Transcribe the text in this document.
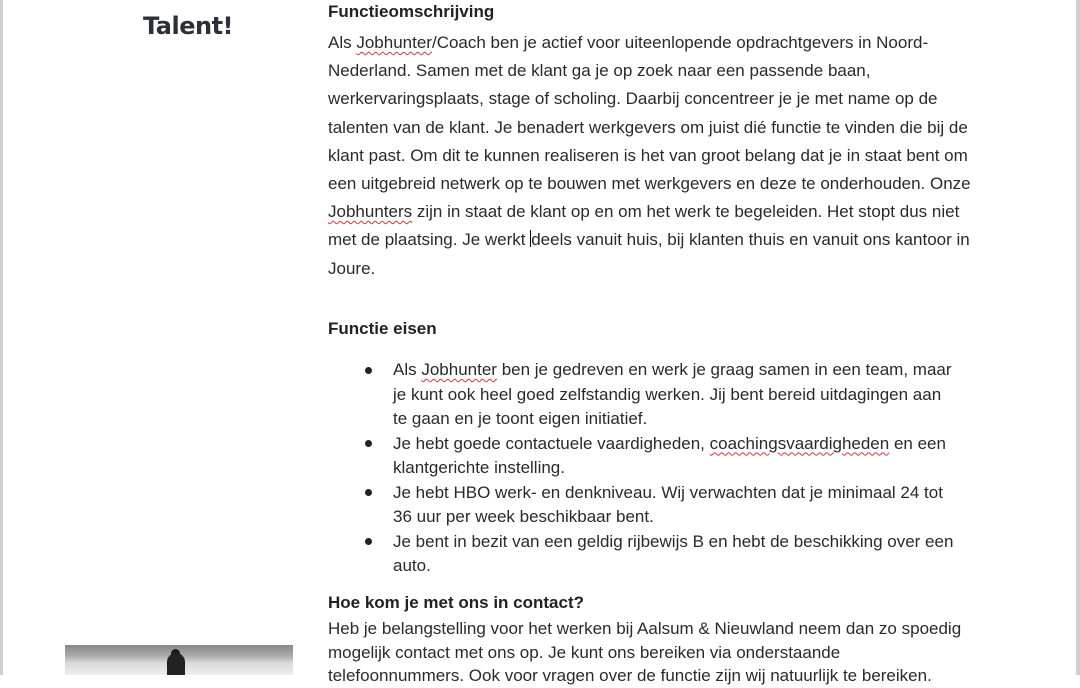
Talent!
Functieomschrijving
Als Jobhunter/Coach ben je actief voor uiteenlopende opdrachtgevers in Noord-
Nederland. Samen met de klant ga je op zoek naar een passende baan,
werkervaringsplaats, stage of scholing. Daarbij concentreer je je met name op de
talenten van de klant. Je benadert werkgevers om juist dié functie te vinden die bij de
klant past. Om dit te kunnen realiseren is het van groot belang dat je in staat bent om
een uitgebreid netwerk op te bouwen met werkgevers en deze te onderhouden. Onze
Jobhunters zijn in staat de klant op en om het werk te begeleiden. Het stopt dus niet
met de plaatsing. Je werkt deels vanuit huis, bij klanten thuis en vanuit ons kantoor in
Joure.
Functie eisen
Als Jobhunter ben je gedreven en werk je graag samen in een team, maar
je kunt ook heel goed zelfstandig werken. Jij bent bereid uitdagingen aan
te gaan en je toont eigen initiatief.
Je hebt goede contactuele vaardigheden, coachingsvaardigheden en een
klantgerichte instelling.
Je hebt HBO werk- en denkniveau. Wij verwachten dat je minimaal 24 tot
36 uur per week beschikbaar bent.
Je bent in bezit van een geldig rijbewijs B en hebt de beschikking over een
auto.
Hoe kom je met ons in contact?
Heb je belangstelling voor het werken bij Aalsum & Nieuwland neem dan zo spoedig
mogelijk contact met ons op. Je kunt ons bereiken via onderstaande
telefoonnummers. Ook voor vragen over de functie zijn wij natuurlijk te bereiken.
